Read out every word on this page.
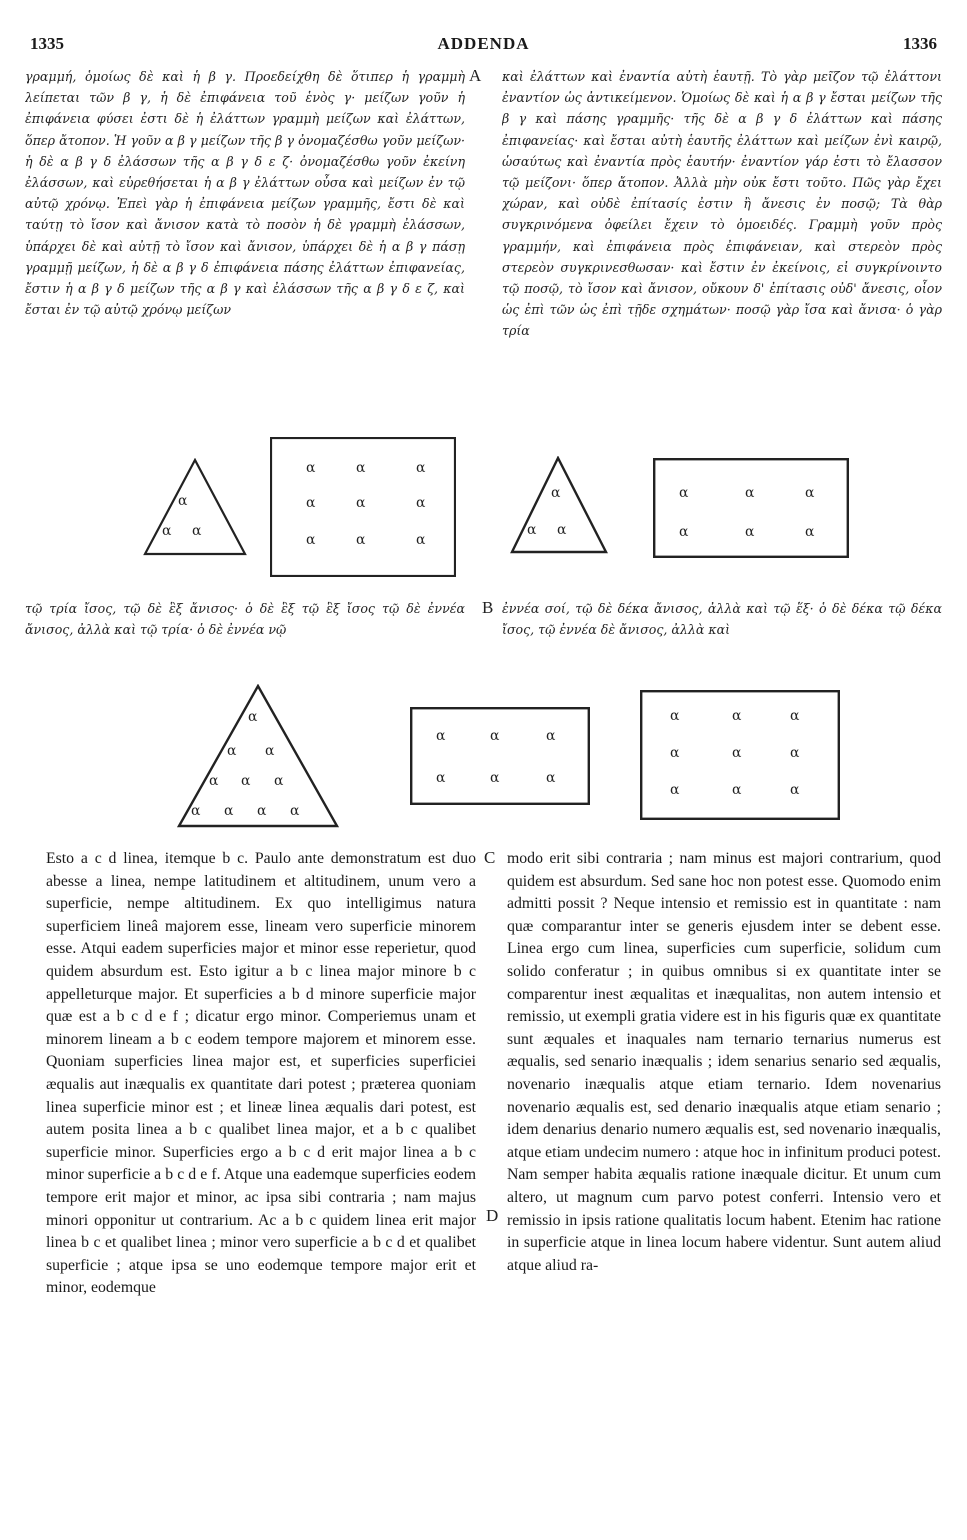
1335	ADDENDA	1336

γραμμή, ὁμοίως δὲ καὶ ἡ β γ. Προεδείχθη δὲ ὅτιπερ ἡ γραμμὴ λείπεται τῶν β γ, ἡ δὲ ἐπιφάνεια τοῦ ἑνὸς γ· μείζων γοῦν ἡ ἐπιφάνεια φύσει ἐστι δὲ ἡ ἐλάττων γραμμὴ μείζων καὶ ἐλάττων, ὅπερ ἄτοπον. Ἡ γοῦν α β γ μείζων τῆς β γ ὀνομαζέσθω γοῦν μείζων· ἡ δὲ α β γ δ ἐλάσσων τῆς α β γ δ ε ζ· ὀνομαζέσθω γοῦν ἐκείνη ἐλάσσων, καὶ εὑρεθήσεται ἡ α β γ ἐλάττων οὖσα καὶ μείζων ἐν τῷ αὐτῷ χρόνῳ. Ἐπεὶ γὰρ ἡ ἐπιφάνεια μείζων γραμμῆς, ἔστι δὲ καὶ ταύτῃ τὸ ἴσον καὶ ἄνισον κατὰ τὸ ποσὸν ἡ δὲ γραμμὴ ἐλάσσων, ὑπάρχει δὲ καὶ αὐτῇ τὸ ἴσον καὶ ἄνισον, ὑπάρχει δὲ ἡ α β γ πάσῃ γραμμῇ μείζων, ἡ δὲ α β γ δ ἐπιφάνεια πάσης ἐλάττων ἐπιφανείας, ἔστιν ἡ α β γ δ μείζων τῆς α β γ καὶ ἐλάσσων τῆς α β γ δ ε ζ, καὶ ἔσται ἐν τῷ αὐτῷ χρόνῳ μείζων

A καὶ ἐλάττων καὶ ἐναντία αὐτὴ ἑαυτῇ. Τὸ γὰρ μεῖζον τῷ ἐλάττονι ἐναντίον ὡς ἀντικείμενον. Ὁμοίως δὲ καὶ ἡ α β γ ἔσται μείζων τῆς β γ καὶ πάσης γραμμῆς· τῆς δὲ α β γ δ ἐλάττων καὶ πάσης ἐπιφανείας· καὶ ἔσται αὐτὴ ἑαυτῆς ἐλάττων καὶ μείζων ἐνὶ καιρῷ, ὡσαύτως καὶ ἐναντία πρὸς ἑαυτήν· ἐναντίον γάρ ἐστι τὸ ἔλασσον τῷ μείζονι· ὅπερ ἄτοπον. Ἀλλὰ μὴν οὐκ ἔστι τοῦτο. Πῶς γὰρ ἔχει χώραν, καὶ οὐδὲ ἐπίτασίς ἐστιν ἢ ἄνεσις ἐν ποσῷ; Τὰ θὰρ συγκρινόμενα ὀφείλει ἔχειν τὸ ὁμοειδές. Γραμμὴ γοῦν πρὸς γραμμήν, καὶ ἐπιφάνεια πρὸς ἐπιφάνειαν, καὶ στερεὸν πρὸς στερεὸν συγκρινεσθωσαν· καὶ ἔστιν ἐν ἐκείνοις, εἰ συγκρίνοιντο τῷ ποσῷ, τὸ ἴσον καὶ ἄνισον, οὔκουν δ' ἐπίτασις οὐδ' ἄνεσις, οἷον ὡς ἐπὶ τῶν ὡς ἐπὶ τῇδε σχημάτων· ποσῷ γὰρ ἴσα καὶ ἄνισα· ὁ γὰρ τρία

α
α α
α	α	α
α	α	α
α	α	α
α
α α
α	α	α
α	α	α

τῷ τρία ἴσος, τῷ δὲ ἓξ ἄνισος· ὁ δὲ ἓξ τῷ ἓξ ἴσος τῷ δὲ ἐννέα ἄνισος, ἀλλὰ καὶ τῷ τρία· ὁ δὲ ἐννέα νῷ

B ἐννέα σοί, τῷ δὲ δέκα ἄνισος, ἀλλὰ καὶ τῷ ἕξ· ὁ δὲ δέκα τῷ δέκα ἴσος, τῷ ἐννέα δὲ ἄνισος, ἀλλὰ καὶ

α
α α
α α α
α α α α
α	α	α
α	α	α
α	α	α
α	α	α
α	α	α

Esto a c d linea, itemque b c. Paulo ante demonstratum est duo abesse a linea, nempe latitudinem et altitudinem, unum vero a superficie, nempe altitudinem. Ex quo intelligimus natura superficiem lineâ majorem esse, lineam vero superficie minorem esse. Atqui eadem superficies major et minor esse reperietur, quod quidem absurdum est. Esto igitur a b c linea major minore b c appelleturque major. Et superficies a b d minore superficie major quæ est a b c d e f ; dicatur ergo minor. Comperiemus unam et minorem lineam a b c eodem tempore majorem et minorem esse. Quoniam superficies linea major est, et superficies superficiei æqualis aut inæqualis ex quantitate dari potest ; præterea quoniam linea superficie minor est ; et lineæ linea æqualis dari potest, est autem posita linea a b c qualibet linea major, et a b c qualibet superficie minor. Superficies ergo a b c d erit major linea a b c minor superficie a b c d e f. Atque una eademque superficies eodem tempore erit major et minor, ac ipsa sibi contraria ; nam majus minori opponitur ut contrarium. Ac a b c quidem linea erit major linea b c et qualibet linea ; minor vero superficie a b c d et qualibet superficie ; atque ipsa se uno eodemque tempore major erit et minor, eodemque

C
D

modo erit sibi contraria ; nam minus est majori contrarium, quod quidem est absurdum. Sed sane hoc non potest esse. Quomodo enim admitti possit ? Neque intensio et remissio est in quantitate : nam quæ comparantur inter se generis ejusdem inter se debent esse. Linea ergo cum linea, superficies cum superficie, solidum cum solido conferatur ; in quibus omnibus si ex quantitate inter se comparentur inest æqualitas et inæqualitas, non autem intensio et remissio, ut exempli gratia videre est in his figuris quæ ex quantitate sunt æquales et inaquales nam ternario ternarius numerus est æqualis, sed senario inæqualis ; idem senarius senario sed æqualis, novenario inæqualis atque etiam ternario. Idem novenarius novenario æqualis est, sed denario inæqualis atque etiam senario ; idem denarius denario numero æqualis est, sed novenario inæqualis, atque etiam undecim numero : atque hoc in infinitum produci potest. Nam semper habita æqualis ratione inæquale dicitur. Et unum cum altero, ut magnum cum parvo potest conferri. Intensio vero et remissio in ipsis ratione qualitatis locum habent. Etenim hac ratione in superficie atque in linea locum habere videntur. Sunt autem aliud atque aliud ra-
